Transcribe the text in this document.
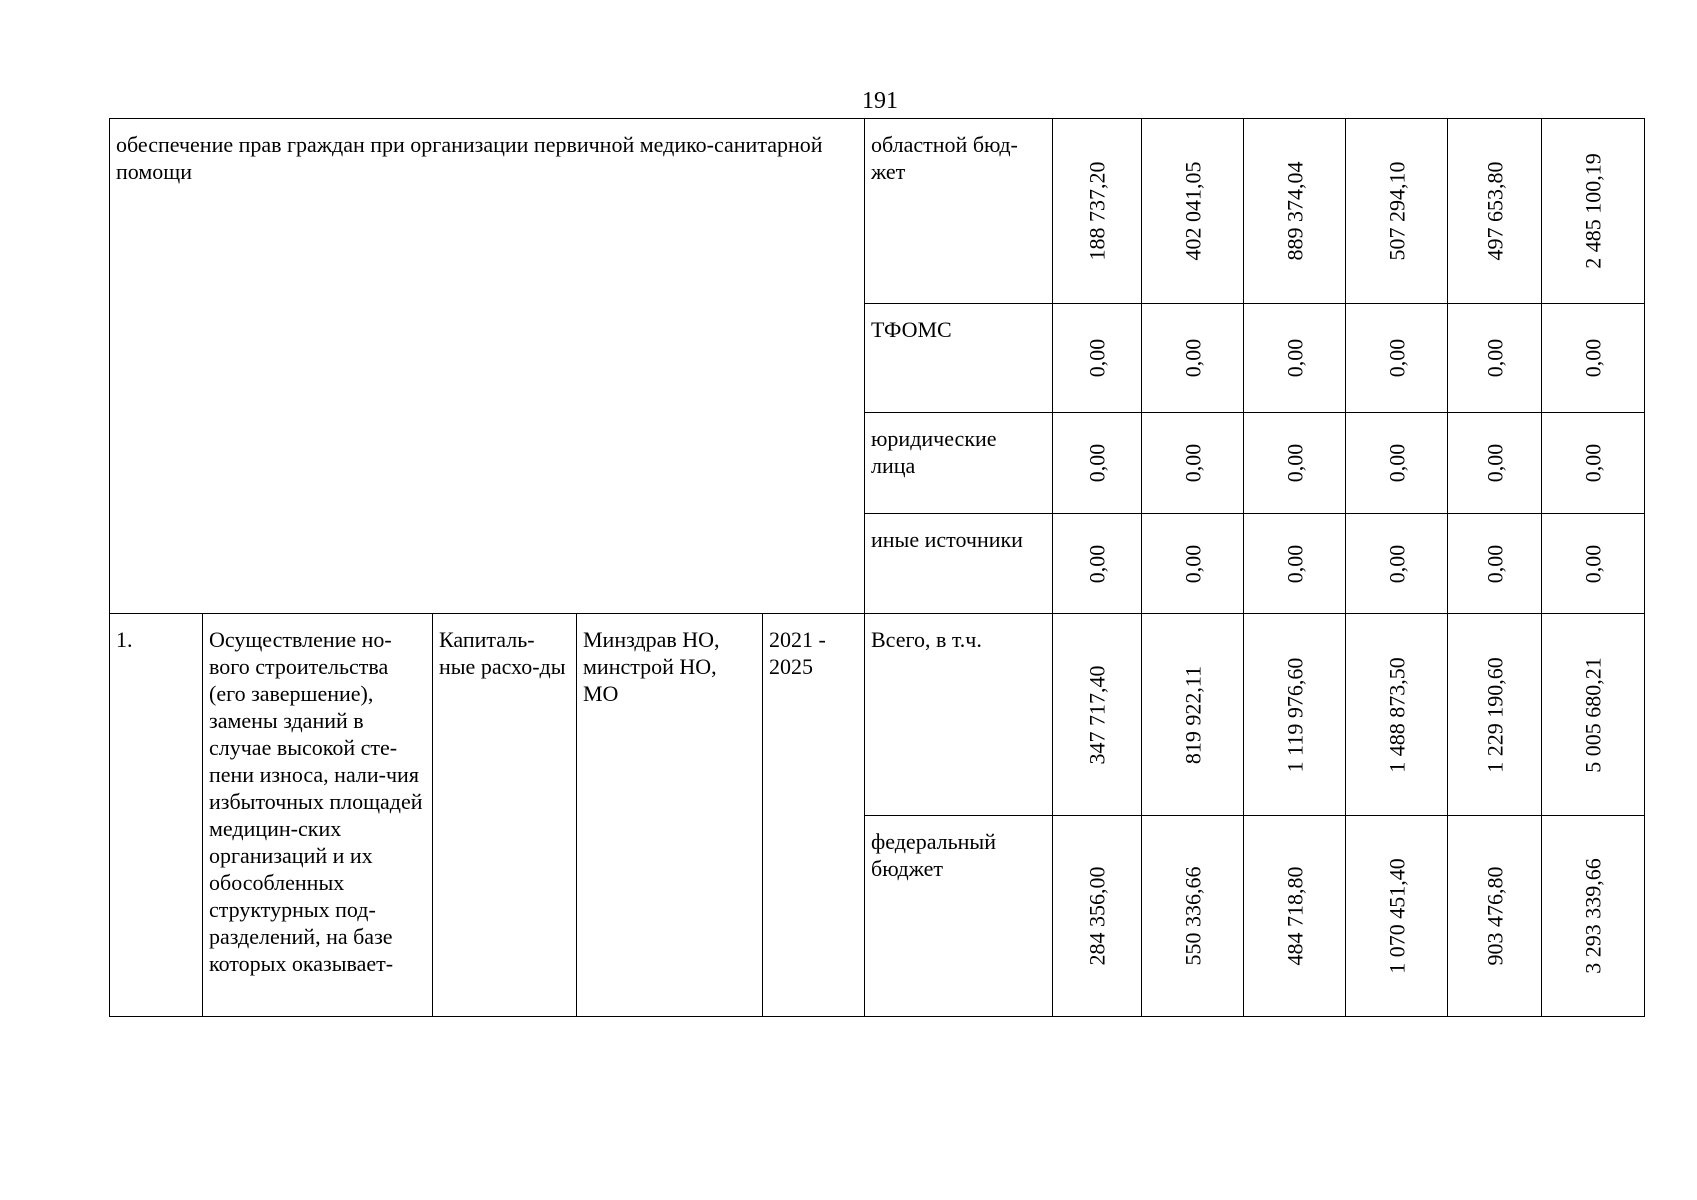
191
обеспечение прав граждан при организации первичной медико-санитарной помощи					областной бюд-жет	188 737,20	402 041,05	889 374,04	507 294,10	497 653,80	2 485 100,19

					ТФОМС	0,00	0,00	0,00	0,00	0,00	0,00

					юридические лица	0,00	0,00	0,00	0,00	0,00	0,00

					иные источники	0,00	0,00	0,00	0,00	0,00	0,00

1.	Осуществление но-вого строительства (его завершение), замены зданий в случае высокой сте-пени износа, нали-чия избыточных площадей медицин-ских организаций и их обособленных структурных под-разделений, на базе которых оказывает-	Капиталь-ные расхо-ды	Минздрав НО, минстрой НО, МО	2021 - 2025	Всего, в т.ч.	347 717,40	819 922,11	1 119 976,60	1 488 873,50	1 229 190,60	5 005 680,21

					федеральный бюджет	284 356,00	550 336,66	484 718,80	1 070 451,40	903 476,80	3 293 339,66
